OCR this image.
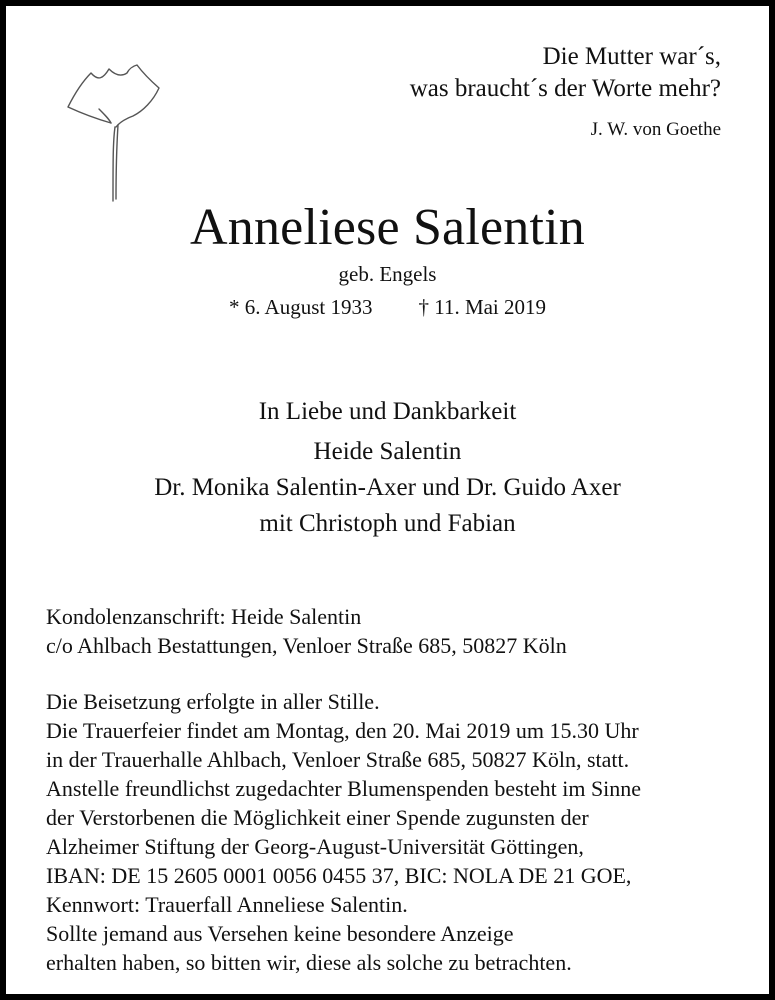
Die Mutter war´s,
was braucht´s der Worte mehr?
J. W. von Goethe
Anneliese Salentin
geb. Engels
* 6. August 1933 † 11. Mai 2019
In Liebe und Dankbarkeit
Heide Salentin
Dr. Monika Salentin-Axer und Dr. Guido Axer
mit Christoph und Fabian
Kondolenzanschrift: Heide Salentin
c/o Ahlbach Bestattungen, Venloer Straße 685, 50827 Köln
Die Beisetzung erfolgte in aller Stille.
Die Trauerfeier findet am Montag, den 20. Mai 2019 um 15.30 Uhr
in der Trauerhalle Ahlbach, Venloer Straße 685, 50827 Köln, statt.
Anstelle freundlichst zugedachter Blumenspenden besteht im Sinne
der Verstorbenen die Möglichkeit einer Spende zugunsten der
Alzheimer Stiftung der Georg-August-Universität Göttingen,
IBAN: DE 15 2605 0001 0056 0455 37, BIC: NOLA DE 21 GOE,
Kennwort: Trauerfall Anneliese Salentin.
Sollte jemand aus Versehen keine besondere Anzeige
erhalten haben, so bitten wir, diese als solche zu betrachten.
